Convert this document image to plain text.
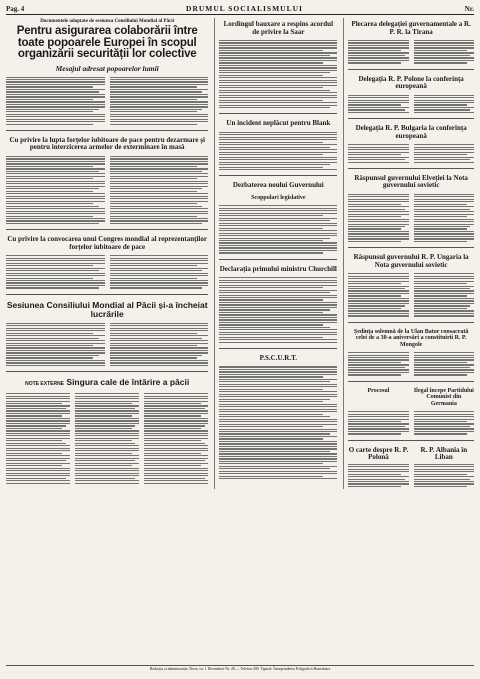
Pag. 4	DRUMUL SOCIALISMULUI	Nr.
Documentele adoptate de sesiunea Consiliului Mondial al Păcii
Pentru asigurarea colaborării între toate popoarele Europei în scopul organizării securității lor colective
Mesajul adresat popoarelor lumii
Cu privire la lupta forțelor iubitoare de pace pentru dezarmare și pentru interzicerea armelor de exterminare în masă
Cu privire la convocarea unui Congres mondial al reprezentanților forțelor iubitoare de pace
Sesiunea Consiliului Mondial al Păcii și-a încheiat lucrările
NOTE EXTERNE Singura cale de întărire a păcii
Lordingul bauxare a respins acordul de privire la Saar
Un incident neplăcut pentru Blank
Dezbaterea noului Guvernului
Scoppolari legislative
Declarația primului ministru Churchill
P.S.C.U.R.T.
Plecarea delegației guvernamentale a R. P. R. la Tirana
Delegația R. P. Polone la conferința europeană
Delegația R. P. Bulgaria la conferința europeană
Răspunsul guvernului Elveției la Nota guvernului sovietic
Răspunsul guvernului R. P. Ungaria la Nota guvernului sovietic
Ședința solemnă de la Ulan Bator consacrată celei de a 30-a aniversări a constituirii R. P. Mongole
Procesul	Ilegal începe Partidului Comunist din Germania
O carte despre R. P. Polonă
R. P. Albania în Liban
Redacția și administrația: Deva, str. 1 Decembrie Nr. 28 — Telefon 209. Tiparul: Întreprinderea Poligrafică Hunedoara
